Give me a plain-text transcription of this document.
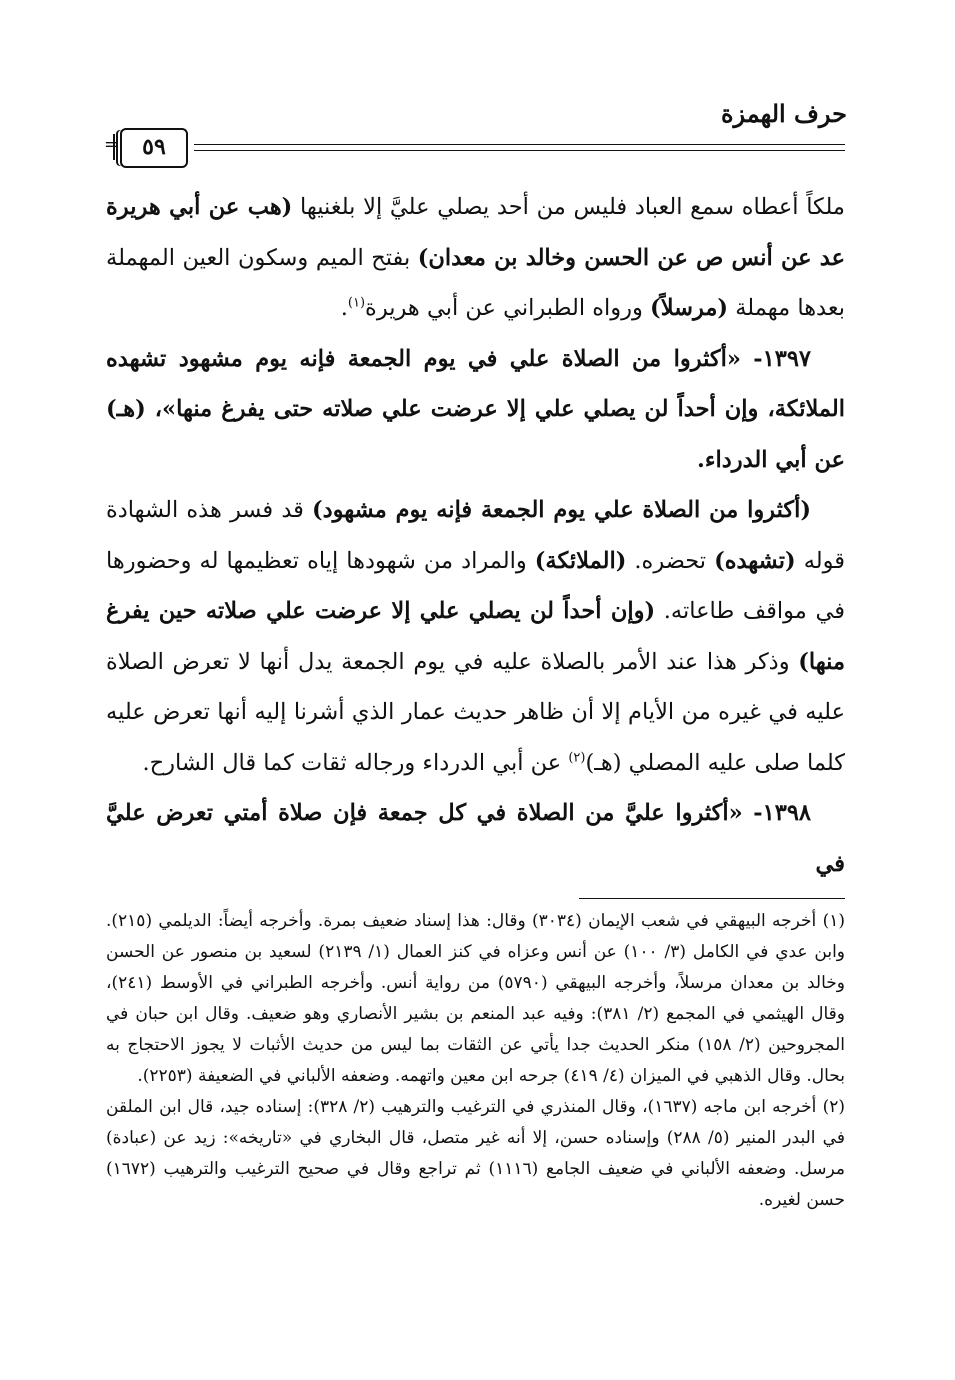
حرف الهمزة
=	٥٩

ملكاً أعطاه سمع العباد فليس من أحد يصلي عليَّ إلا بلغنيها (هب عن أبي هريرة عد عن أنس ص عن الحسن وخالد بن معدان) بفتح الميم وسكون العين المهملة بعدها مهملة (مرسلاً) ورواه الطبراني عن أبي هريرة$^{(١)}$.

١٣٩٧- «أكثروا من الصلاة علي في يوم الجمعة فإنه يوم مشهود تشهده الملائكة، وإن أحداً لن يصلي علي إلا عرضت علي صلاته حتى يفرغ منها»، (هـ) عن أبي الدرداء.

(أكثروا من الصلاة علي يوم الجمعة فإنه يوم مشهود) قد فسر هذه الشهادة قوله (تشهده) تحضره. (الملائكة) والمراد من شهودها إياه تعظيمها له وحضورها في مواقف طاعاته. (وإن أحداً لن يصلي علي إلا عرضت علي صلاته حين يفرغ منها) وذكر هذا عند الأمر بالصلاة عليه في يوم الجمعة يدل أنها لا تعرض الصلاة عليه في غيره من الأيام إلا أن ظاهر حديث عمار الذي أشرنا إليه أنها تعرض عليه كلما صلى عليه المصلي (هـ)$^{(٢)}$ عن أبي الدرداء ورجاله ثقات كما قال الشارح.

١٣٩٨- «أكثروا عليَّ من الصلاة في كل جمعة فإن صلاة أمتي تعرض عليَّ في

(١) أخرجه البيهقي في شعب الإيمان (٣٠٣٤) وقال: هذا إسناد ضعيف بمرة. وأخرجه أيضاً: الديلمي (٢١٥). وابن عدي في الكامل (٣/ ١٠٠) عن أنس وعزاه في كنز العمال (١/ ٢١٣٩) لسعيد بن منصور عن الحسن وخالد بن معدان مرسلاً، وأخرجه البيهقي (٥٧٩٠) من رواية أنس. وأخرجه الطبراني في الأوسط (٢٤١)، وقال الهيثمي في المجمع (٢/ ٣٨١): وفيه عبد المنعم بن بشير الأنصاري وهو ضعيف. وقال ابن حبان في المجروحين (٢/ ١٥٨) منكر الحديث جدا يأتي عن الثقات بما ليس من حديث الأثبات لا يجوز الاحتجاج به بحال. وقال الذهبي في الميزان (٤/ ٤١٩) جرحه ابن معين واتهمه. وضعفه الألباني في الضعيفة (٢٢٥٣).

(٢) أخرجه ابن ماجه (١٦٣٧)، وقال المنذري في الترغيب والترهيب (٢/ ٣٢٨): إسناده جيد، قال ابن الملقن في البدر المنير (٥/ ٢٨٨) وإسناده حسن، إلا أنه غير متصل، قال البخاري في «تاريخه»: زيد عن (عبادة) مرسل. وضعفه الألباني في ضعيف الجامع (١١١٦) ثم تراجع وقال في صحيح الترغيب والترهيب (١٦٧٢) حسن لغيره.
